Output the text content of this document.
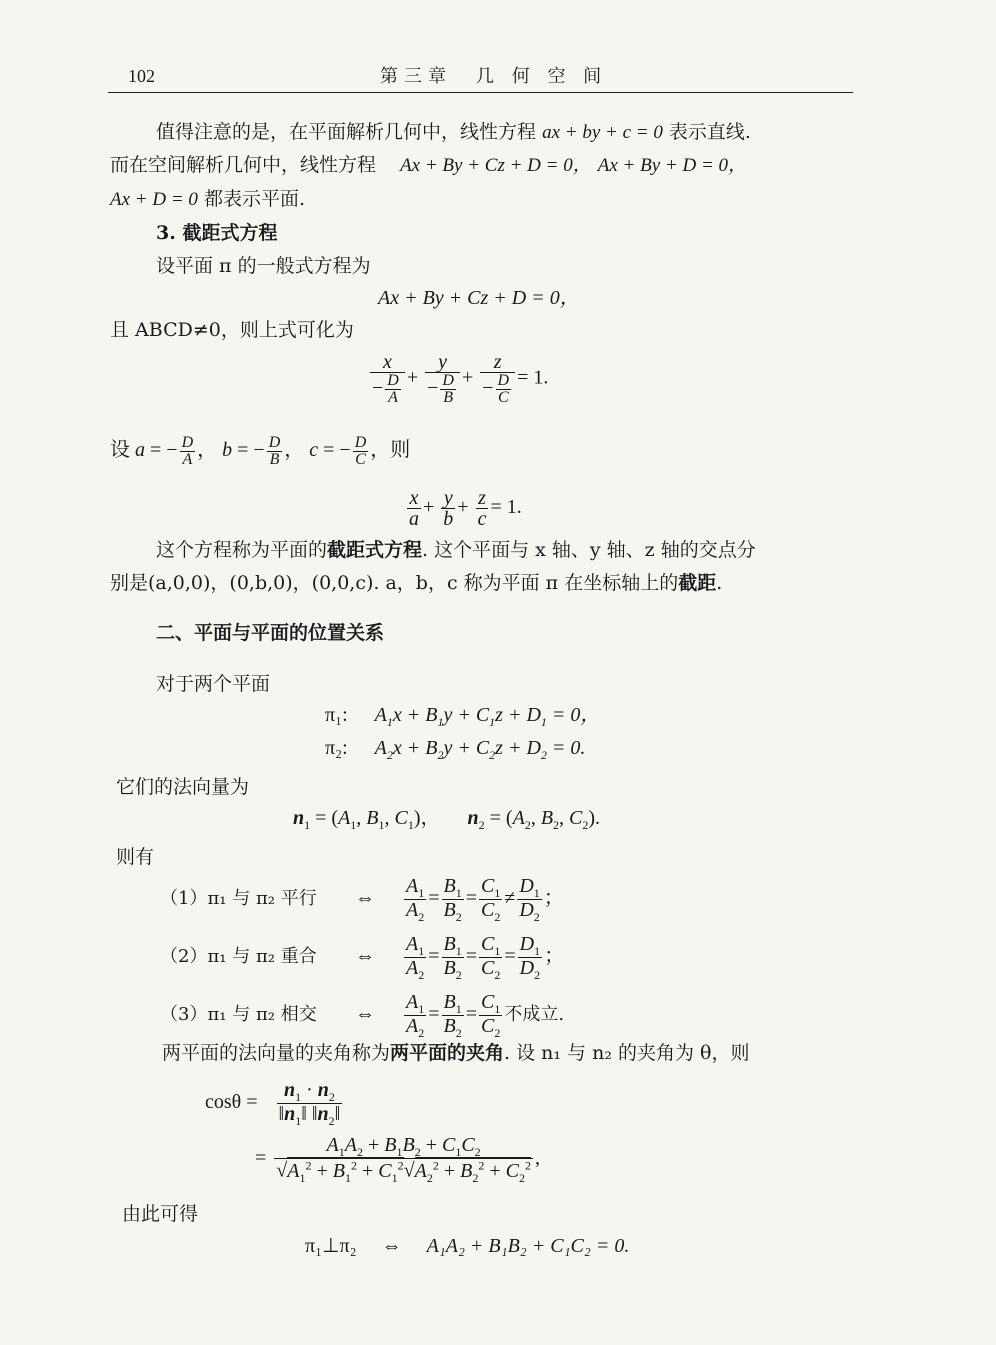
102	第三章　几 何 空 间
值得注意的是，在平面解析几何中，线性方程 ax + by + c = 0 表示直线.
而在空间解析几何中，线性方程 Ax + By + Cz + D = 0， Ax + By + D = 0，
Ax + D = 0 都表示平面.
3. 截距式方程
设平面 π 的一般式方程为
Ax + By + Cz + D = 0，
且 ABCD≠0，则上式可化为
$\frac{x}{- \frac{D}{A}} + \frac{y}{- \frac{D}{B}} + \frac{z}{- \frac{D}{C}} = 1$.
设 a = − $\frac{D}{A}$ ， b = − $\frac{D}{B}$ ， c = − $\frac{D}{C}$ ，则
$\frac{x}{a} + \frac{y}{b} + \frac{z}{c} = 1$.
这个方程称为平面的截距式方程. 这个平面与 x 轴、y 轴、z 轴的交点分
别是(a,0,0)，(0,b,0)，(0,0,c). a，b，c 称为平面 π 在坐标轴上的截距.
二、平面与平面的位置关系
对于两个平面
π₁: $A_1x + B_1y + C_1z + D_1 = 0$，
π₂: $A_2x + B_2y + C_2z + D_2 = 0$.
它们的法向量为
$n_1 = (A_1$, $B_1$, $C_1$)， $n_2 = (A_2$, $B_2$, $C_2$).
则有
（1）π₁ 与 π₂ 平行 ⇔ $\frac{A_1}{A_2} = \frac{B_1}{B_2} = \frac{C_1}{C_2} \ne \frac{D_1}{D_2}$ ；
（2）π₁ 与 π₂ 重合 ⇔ $\frac{A_1}{A_2} = \frac{B_1}{B_2} = \frac{C_1}{C_2} = \frac{D_1}{D_2}$ ；
（3）π₁ 与 π₂ 相交 ⇔ $\frac{A_1}{A_2} = \frac{B_1}{B_2} = \frac{C_1}{C_2}$ 不成立.
两平面的法向量的夹角称为两平面的夹角. 设 n₁ 与 n₂ 的夹角为 θ，则
$\cos\theta = \frac{n_1 \cdot n_2}{‖n_1‖ ‖n_2‖}$
= $\frac{A_1A_2 + B_1B_2 + C_1C_2}{√A_1^2 + B_1^2 + C_1^2√A_2^2 + B_2^2 + C_2^2}$ ,
由此可得
π₁⊥π₂ ⇔ A₁A₂ + B₁B₂ + C₁C₂ = 0.
